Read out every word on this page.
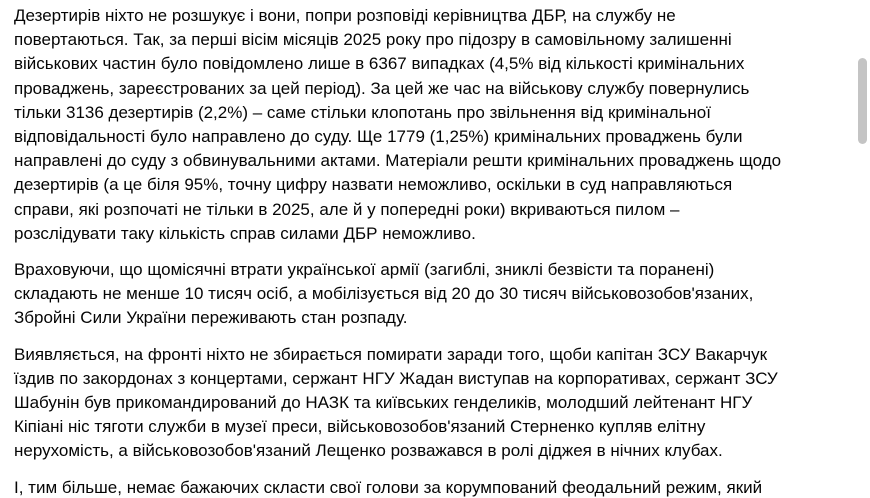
Дезертирів ніхто не розшукує і вони, попри розповіді керівництва ДБР, на службу не
повертаються. Так, за перші вісім місяців 2025 року про підозру в самовільному залишенні
військових частин було повідомлено лише в 6367 випадках (4,5% від кількості кримінальних
проваджень, зареєстрованих за цей період). За цей же час на військову службу повернулись
тільки 3136 дезертирів (2,2%) – саме стільки клопотань про звільнення від кримінальної
відповідальності було направлено до суду. Ще 1779 (1,25%) кримінальних проваджень були
направлені до суду з обвинувальними актами. Матеріали решти кримінальних проваджень щодо
дезертирів (а це біля 95%, точну цифру назвати неможливо, оскільки в суд направляються
справи, які розпочаті не тільки в 2025, але й у попередні роки) вкриваються пилом –
розслідувати таку кількість справ силами ДБР неможливо.

Враховуючи, що щомісячні втрати української армії (загиблі, зниклі безвісти та поранені)
складають не менше 10 тисяч осіб, а мобілізується від 20 до 30 тисяч військовозобов'язаних,
Збройні Сили України переживають стан розпаду.

Виявляється, на фронті ніхто не збирається помирати заради того, щоби капітан ЗСУ Вакарчук
їздив по закордонах з концертами, сержант НГУ Жадан виступав на корпоративах, сержант ЗСУ
Шабунін був прикомандирований до НАЗК та київських генделиків, молодший лейтенант НГУ
Кіпіані ніс тяготи служби в музеї преси, військовозобов'язаний Стерненко купляв елітну
нерухомість, а військовозобов'язаний Лещенко розважався в ролі діджея в нічних клубах.

І, тим більше, немає бажаючих скласти свої голови за корумпований феодальний режим, який
